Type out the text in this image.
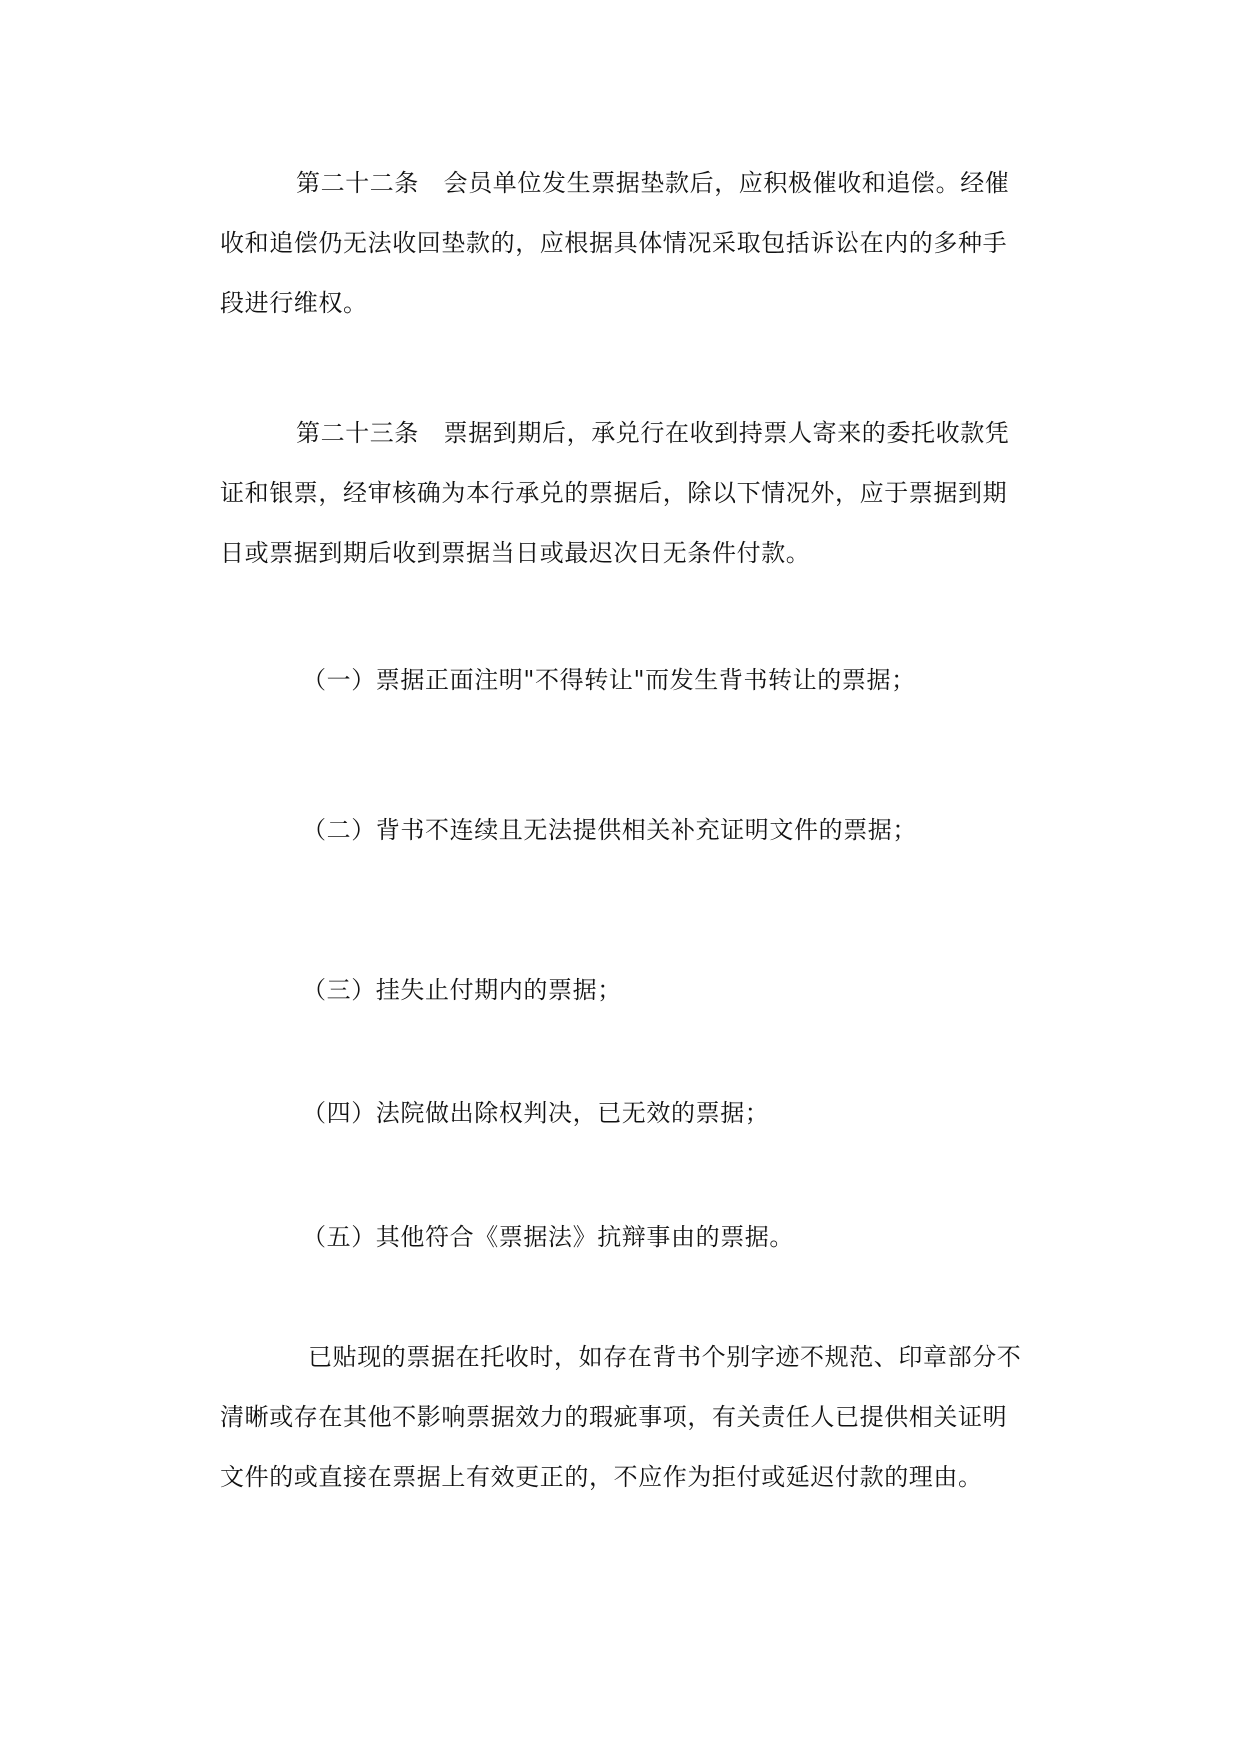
第二十二条　会员单位发生票据垫款后，应积极催收和追偿。经催
收和追偿仍无法收回垫款的，应根据具体情况采取包括诉讼在内的多种手
段进行维权。
第二十三条　票据到期后，承兑行在收到持票人寄来的委托收款凭
证和银票，经审核确为本行承兑的票据后，除以下情况外，应于票据到期
日或票据到期后收到票据当日或最迟次日无条件付款。
（一）票据正面注明"不得转让"而发生背书转让的票据；
（二）背书不连续且无法提供相关补充证明文件的票据；
（三）挂失止付期内的票据；
（四）法院做出除权判决，已无效的票据；
（五）其他符合《票据法》抗辩事由的票据。
已贴现的票据在托收时，如存在背书个别字迹不规范、印章部分不
清晰或存在其他不影响票据效力的瑕疵事项，有关责任人已提供相关证明
文件的或直接在票据上有效更正的，不应作为拒付或延迟付款的理由。
